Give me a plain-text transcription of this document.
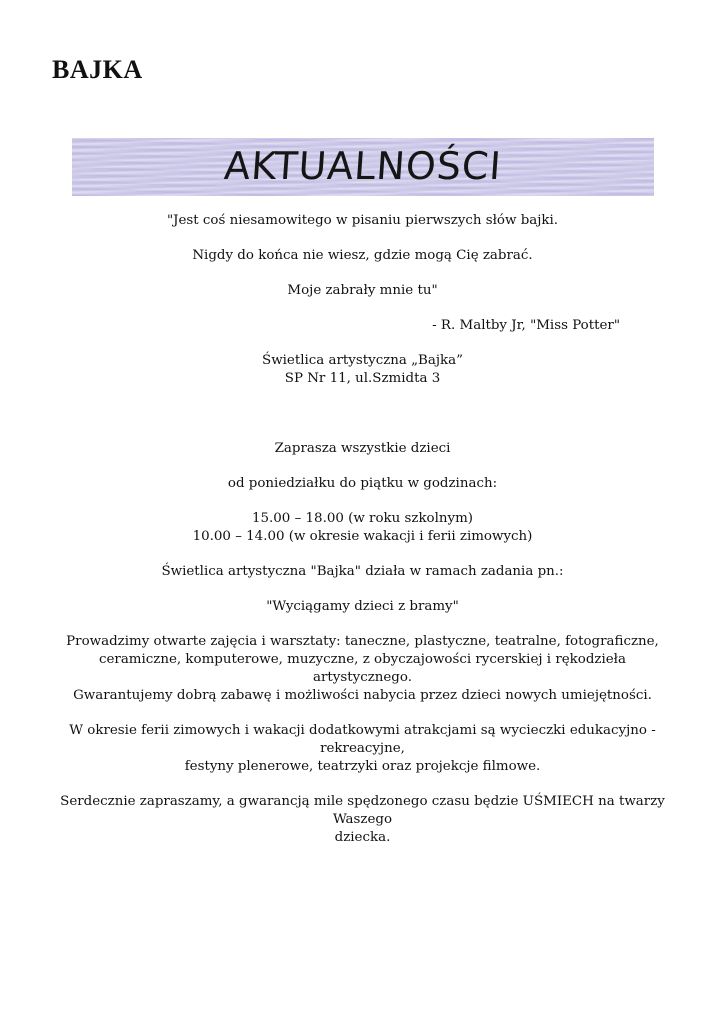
BAJKA
AKTUALNOŚCI

"Jest coś niesamowitego w pisaniu pierwszych słów bajki.

Nigdy do końca nie wiesz, gdzie mogą Cię zabrać.

Moje zabrały mnie tu"

- R. Maltby Jr, "Miss Potter"

Świetlica artystyczna „Bajka”

SP Nr 11, ul.Szmidta 3

Zaprasza wszystkie dzieci

od poniedziałku do piątku w godzinach:

15.00 – 18.00 (w roku szkolnym)

10.00 – 14.00 (w okresie wakacji i ferii zimowych)

Świetlica artystyczna "Bajka" działa w ramach zadania pn.:

"Wyciągamy dzieci z bramy"

Prowadzimy otwarte zajęcia i warsztaty: taneczne, plastyczne, teatralne, fotograficzne,

ceramiczne, komputerowe, muzyczne, z obyczajowości rycerskiej i rękodzieła artystycznego.

Gwarantujemy dobrą zabawę i możliwości nabycia przez dzieci nowych umiejętności.

W okresie ferii zimowych i wakacji dodatkowymi atrakcjami są wycieczki edukacyjno - rekreacyjne,

festyny plenerowe, teatrzyki oraz projekcje filmowe.

Serdecznie zapraszamy, a gwarancją mile spędzonego czasu będzie UŚMIECH na twarzy Waszego

dziecka.
